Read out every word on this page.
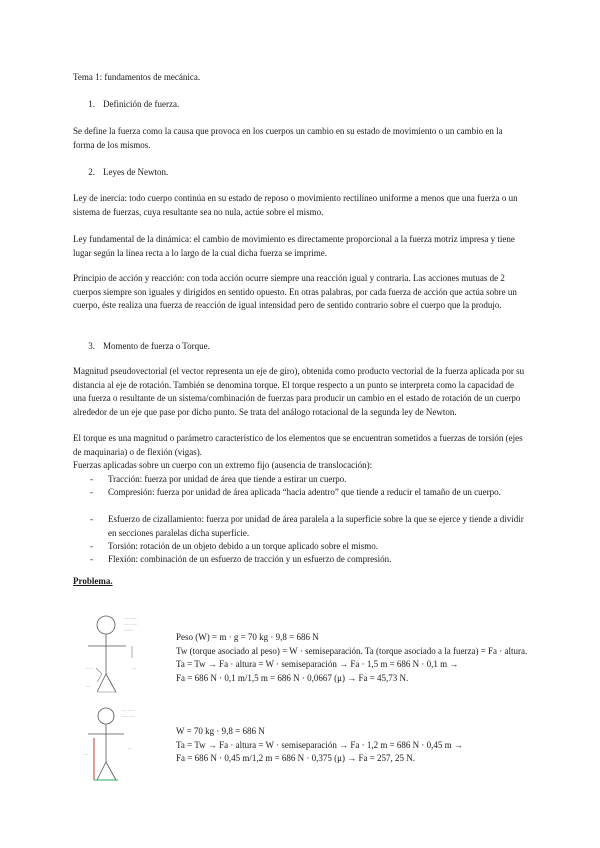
Tema 1: fundamentos de mecánica.
1. Definición de fuerza.

Se define la fuerza como la causa que provoca en los cuerpos un cambio en su estado de movimiento o un cambio en la forma de los mismos.

2. Leyes de Newton.

Ley de inercia: todo cuerpo continúa en su estado de reposo o movimiento rectilíneo uniforme a menos que una fuerza o un sistema de fuerzas, cuya resultante sea no nula, actúe sobre el mismo.

Ley fundamental de la dinámica: el cambio de movimiento es directamente proporcional a la fuerza motriz impresa y tiene lugar según la línea recta a lo largo de la cual dicha fuerza se imprime.

Principio de acción y reacción: con toda acción ocurre siempre una reacción igual y contraria. Las acciones mutuas de 2 cuerpos siempre son iguales y dirigidos en sentido opuesto. En otras palabras, por cada fuerza de acción que actúa sobre un cuerpo, éste realiza una fuerza de reacción de igual intensidad pero de sentido contrario sobre el cuerpo que la produjo.

3. Momento de fuerza o Torque.

Magnitud pseudovectorial (el vector representa un eje de giro), obtenida como producto vectorial de la fuerza aplicada por su distancia al eje de rotación. También se denomina torque. El torque respecto a un punto se interpreta como la capacidad de una fuerza o resultante de un sistema/combinación de fuerzas para producir un cambio en el estado de rotación de un cuerpo alrededor de un eje que pase por dicho punto. Se trata del análogo rotacional de la segunda ley de Newton.

El torque es una magnitud o parámetro característico de los elementos que se encuentran sometidos a fuerzas de torsión (ejes de maquinaria) o de flexión (vigas).

Fuerzas aplicadas sobre un cuerpo con un extremo fijo (ausencia de translocación):

- Tracción: fuerza por unidad de área que tiende a estirar un cuerpo.
- Compresión: fuerza por unidad de área aplicada “hacia adentro” que tiende a reducir el tamaño de un cuerpo.
- Esfuerzo de cizallamiento: fuerza por unidad de área paralela a la superficie sobre la que se ejerce y tiende a dividir en secciones paralelas dicha superficie.
- Torsión: rotación de un objeto debido a un torque aplicado sobre el mismo.
- Flexión: combinación de un esfuerzo de tracción y un esfuerzo de compresión.
Problema.
~~ ~~~
~~~ ~~
~~~~
~~~
~~
~~
Peso (W) = m · g = 70 kg · 9,8 = 686 N
Tw (torque asociado al peso) = W · semiseparación. Ta (torque asociado a la fuerza) = Fa · altura.
Ta = Tw → Fa · altura = W · semiseparación → Fa · 1,5 m = 686 N · 0,1 m →
Fa = 686 N · 0,1 m/1,5 m = 686 N · 0,0667 (μ) → Fa = 45,73 N.
~~ ~~~
~~~ ~~
~~
~~
W = 70 kg · 9,8 = 686 N
Ta = Tw → Fa · altura = W · semiseparación → Fa · 1,2 m = 686 N · 0,45 m →
Fa = 686 N · 0,45 m/1,2 m = 686 N · 0,375 (μ) → Fa = 257, 25 N.
